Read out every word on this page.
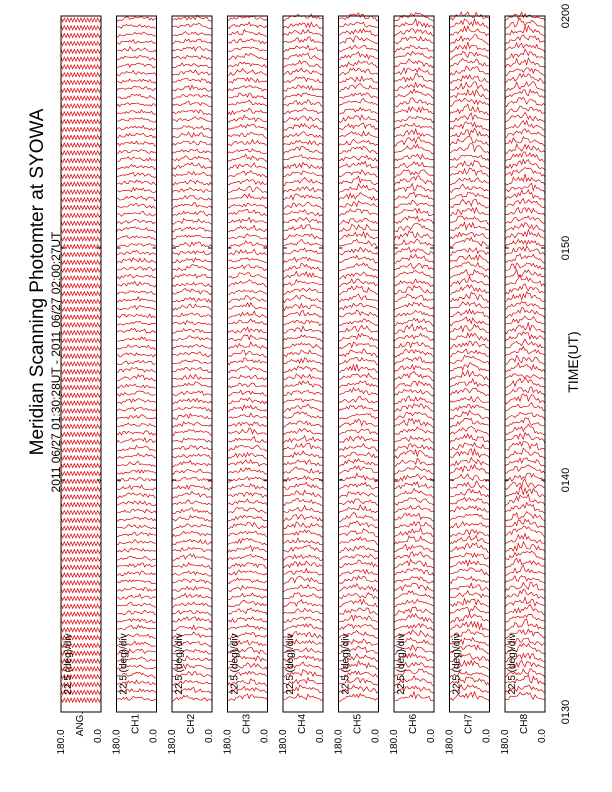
Meridian Scanning Photomter at SYOWA 2011 06/27 01:30:28UT - 2011 06/27 02:00:27UT	TIME(UT)
0130
0140
0150
0200
22.5 (deg)/div
ANG.
180.0	0.0
22.5 (deg)/div
CH1
180.0	0.0
22.5 (deg)/div
CH2
180.0	0.0
22.5 (deg)/div
CH3
180.0	0.0
22.5 (deg)/div
CH4
180.0	0.0
22.5 (deg)/div
CH5
180.0	0.0
22.5 (deg)/div
CH6
180.0	0.0
22.5 (deg)/div
CH7
180.0	0.0
22.5 (deg)/div
CH8
180.0	0.0
